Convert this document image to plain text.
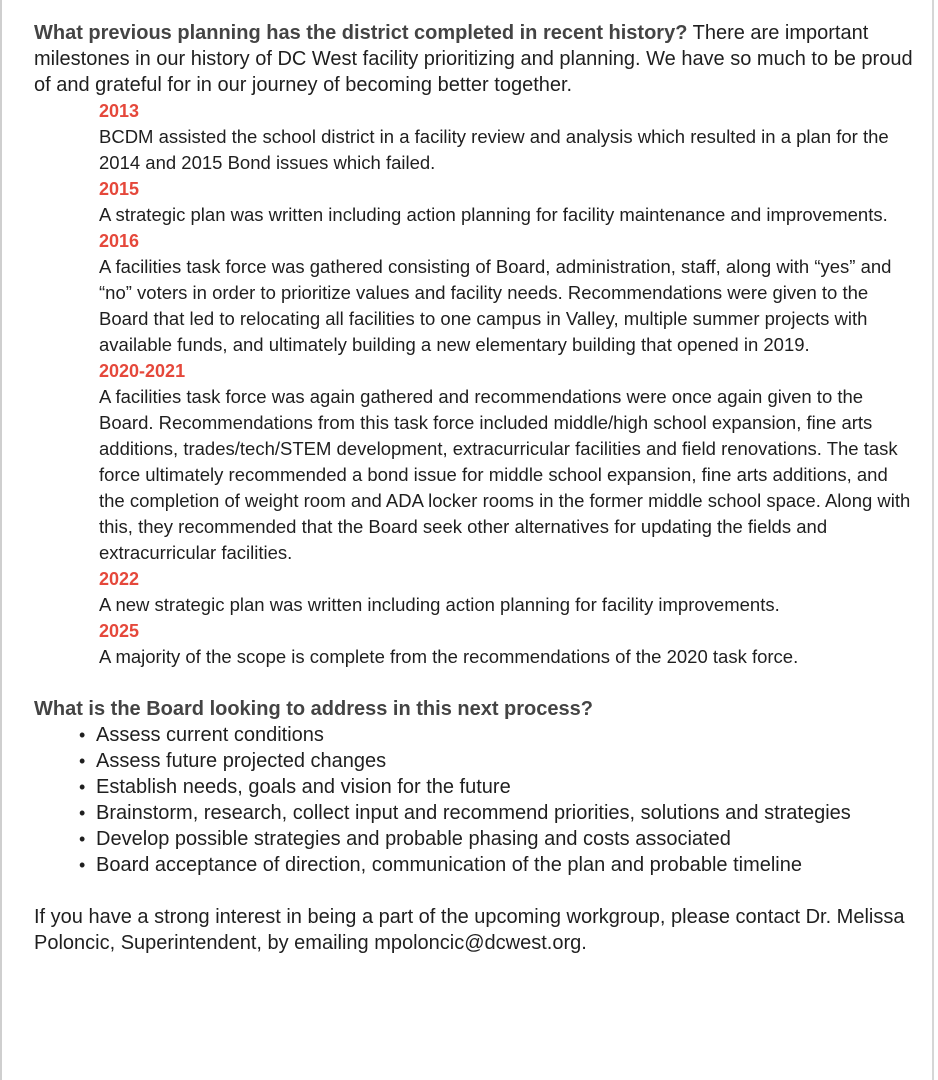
What previous planning has the district completed in recent history? There are important milestones in our history of DC West facility prioritizing and planning. We have so much to be proud of and grateful for in our journey of becoming better together.

2013

BCDM assisted the school district in a facility review and analysis which resulted in a plan for the 2014 and 2015 Bond issues which failed.

2015

A strategic plan was written including action planning for facility maintenance and improvements.

2016

A facilities task force was gathered consisting of Board, administration, staff, along with “yes” and “no” voters in order to prioritize values and facility needs. Recommendations were given to the Board that led to relocating all facilities to one campus in Valley, multiple summer projects with available funds, and ultimately building a new elementary building that opened in 2019.

2020-2021

A facilities task force was again gathered and recommendations were once again given to the Board. Recommendations from this task force included middle/high school expansion, fine arts additions, trades/tech/STEM development, extracurricular facilities and field renovations. The task force ultimately recommended a bond issue for middle school expansion, fine arts additions, and the completion of weight room and ADA locker rooms in the former middle school space. Along with this, they recommended that the Board seek other alternatives for updating the fields and extracurricular facilities.

2022

A new strategic plan was written including action planning for facility improvements.

2025

A majority of the scope is complete from the recommendations of the 2020 task force.

What is the Board looking to address in this next process?
• Assess current conditions
• Assess future projected changes
• Establish needs, goals and vision for the future
• Brainstorm, research, collect input and recommend priorities, solutions and strategies
• Develop possible strategies and probable phasing and costs associated
• Board acceptance of direction, communication of the plan and probable timeline

If you have a strong interest in being a part of the upcoming workgroup, please contact Dr. Melissa Poloncic, Superintendent, by emailing mpoloncic@dcwest.org.
